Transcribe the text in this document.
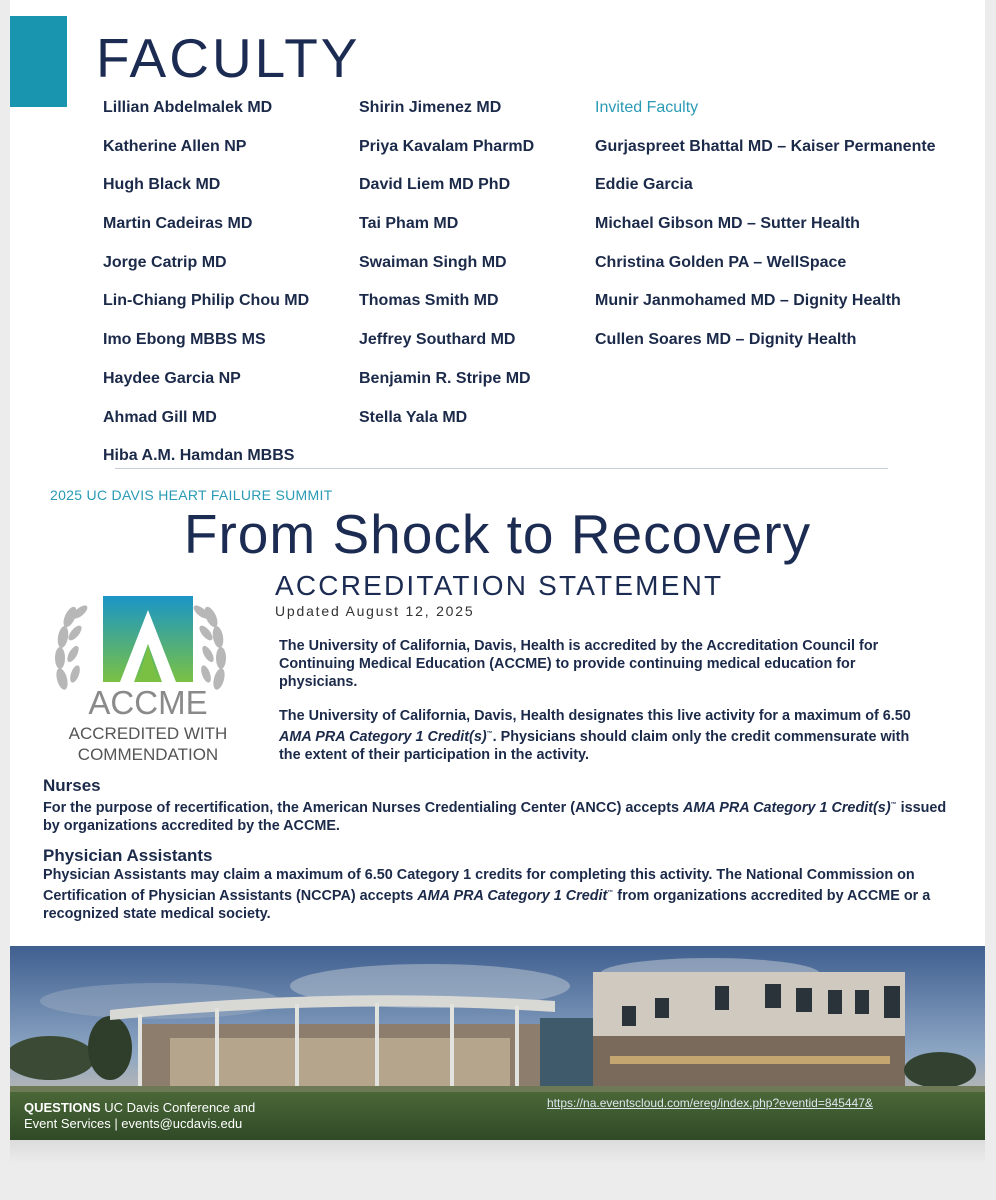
FACULTY
Lillian Abdelmalek MD
Katherine Allen NP
Hugh Black MD
Martin Cadeiras MD
Jorge Catrip MD
Lin-Chiang Philip Chou MD
Imo Ebong MBBS MS
Haydee Garcia NP
Ahmad Gill MD
Hiba A.M. Hamdan MBBS
Shirin Jimenez MD
Priya Kavalam PharmD
David Liem MD PhD
Tai Pham MD
Swaiman Singh MD
Thomas Smith MD
Jeffrey Southard MD
Benjamin R. Stripe MD
Stella Yala MD
Invited Faculty
Gurjaspreet Bhattal MD – Kaiser Permanente
Eddie Garcia
Michael Gibson MD – Sutter Health
Christina Golden PA – WellSpace
Munir Janmohamed MD – Dignity Health
Cullen Soares MD – Dignity Health
2025 UC DAVIS HEART FAILURE SUMMIT
From Shock to Recovery
ACCREDITATION STATEMENT
Updated August 12, 2025
ACCME
ACCREDITED WITH
COMMENDATION

The University of California, Davis, Health is accredited by the Accreditation Council for Continuing Medical Education (ACCME) to provide continuing medical education for physicians.

The University of California, Davis, Health designates this live activity for a maximum of 6.50 AMA PRA Category 1 Credit(s)™. Physicians should claim only the credit commensurate with the extent of their participation in the activity.

Nurses

For the purpose of recertification, the American Nurses Credentialing Center (ANCC) accepts AMA PRA Category 1 Credit(s)™ issued by organizations accredited by the ACCME.

Physician Assistants

Physician Assistants may claim a maximum of 6.50 Category 1 credits for completing this activity. The National Commission on Certification of Physician Assistants (NCCPA) accepts AMA PRA Category 1 Credit™ from organizations accredited by ACCME or a recognized state medical society.

QUESTIONS UC Davis Conference and
Event Services | events@ucdavis.edu
https://na.eventscloud.com/ereg/index.php?eventid=845447&
